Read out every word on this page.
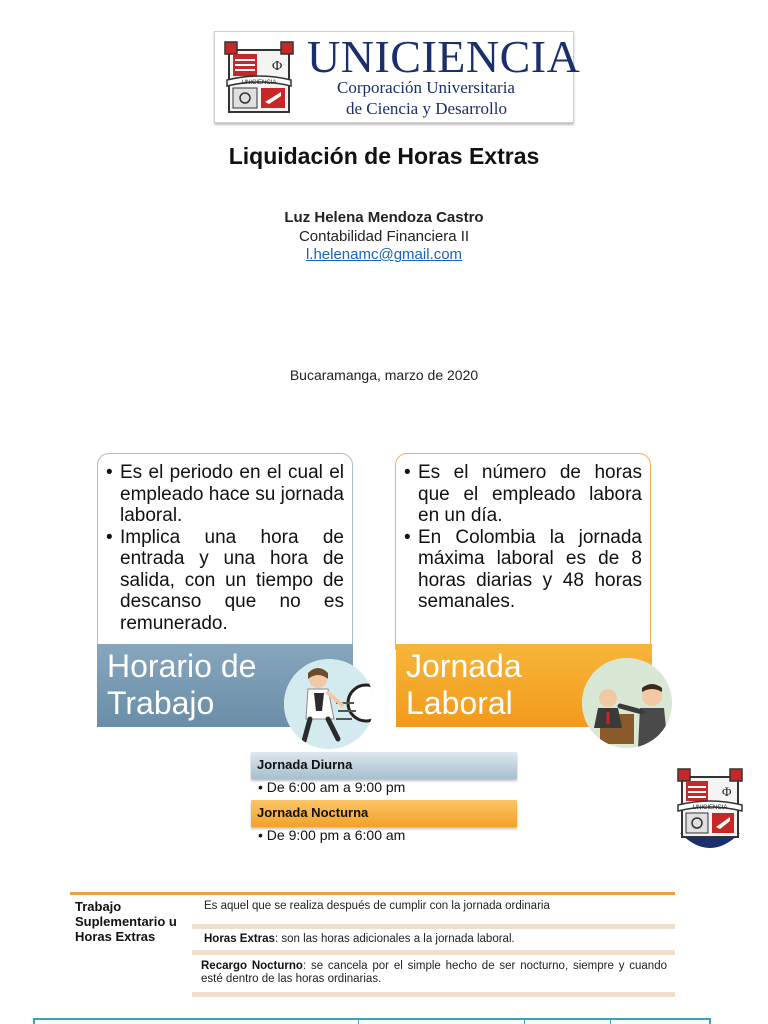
Φ
UNICIENCIA
UNICIENCIA
Corporación Universitaria
de Ciencia y Desarrollo
Liquidación de Horas Extras
Luz Helena Mendoza Castro
Contabilidad Financiera II
l.helenamc@gmail.com
Bucaramanga, marzo de 2020
• Es el periodo en el cual el empleado hace su jornada laboral.
• Implica una hora de entrada y una hora de salida, con un tiempo de descanso que no es remunerado.
Horario de
Trabajo
• Es el número de horas que el empleado labora en un día.
• En Colombia la jornada máxima laboral es de 8 horas diarias y 48 horas semanales.
Jornada
Laboral
Jornada Diurna
• De 6:00 am a 9:00 pm
Jornada Nocturna
• De 9:00 pm a 6:00 am
Φ
UNICIENCIA
Trabajo Suplementario u Horas Extras
Es aquel que se realiza después de cumplir con la jornada ordinaria
Horas Extras: son las horas adicionales a la jornada laboral.
Recargo Nocturno: se cancela por el simple hecho de ser nocturno, siempre y cuando esté dentro de las horas ordinarias.
